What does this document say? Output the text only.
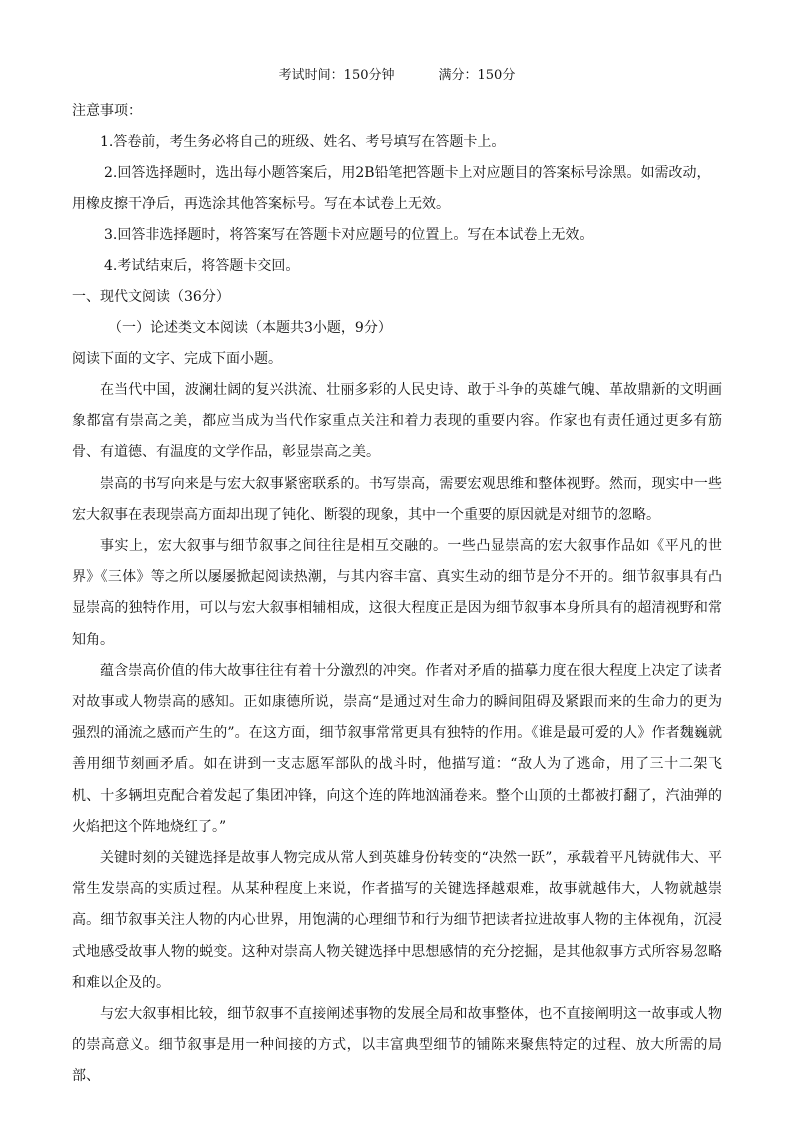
考试时间：150分钟	满分：150分

注意事项：

1.答卷前，考生务必将自己的班级、姓名、考号填写在答题卡上。

2.回答选择题时，选出每小题答案后，用2B铅笔把答题卡上对应题目的答案标号涂黑。如需改动，用橡皮擦干净后，再选涂其他答案标号。写在本试卷上无效。

3.回答非选择题时，将答案写在答题卡对应题号的位置上。写在本试卷上无效。

4.考试结束后，将答题卡交回。

一、现代文阅读（36分）

（一）论述类文本阅读（本题共3小题，9分）

阅读下面的文字、完成下面小题。

在当代中国，波澜壮阔的复兴洪流、壮丽多彩的人民史诗、敢于斗争的英雄气魄、革故鼎新的文明画象都富有崇高之美，都应当成为当代作家重点关注和着力表现的重要内容。作家也有责任通过更多有筋骨、有道德、有温度的文学作品，彰显崇高之美。

崇高的书写向来是与宏大叙事紧密联系的。书写崇高，需要宏观思维和整体视野。然而，现实中一些宏大叙事在表现崇高方面却出现了钝化、断裂的现象，其中一个重要的原因就是对细节的忽略。

事实上，宏大叙事与细节叙事之间往往是相互交融的。一些凸显崇高的宏大叙事作品如《平凡的世界》《三体》等之所以屡屡掀起阅读热潮，与其内容丰富、真实生动的细节是分不开的。细节叙事具有凸显崇高的独特作用，可以与宏大叙事相辅相成，这很大程度正是因为细节叙事本身所具有的超清视野和常知角。

蕴含崇高价值的伟大故事往往有着十分激烈的冲突。作者对矛盾的描摹力度在很大程度上决定了读者对故事或人物崇高的感知。正如康德所说，崇高“是通过对生命力的瞬间阻碍及紧跟而来的生命力的更为强烈的涌流之感而产生的”。在这方面，细节叙事常常更具有独特的作用。《谁是最可爱的人》作者魏巍就善用细节刻画矛盾。如在讲到一支志愿军部队的战斗时，他描写道：“敌人为了逃命，用了三十二架飞机、十多辆坦克配合着发起了集团冲锋，向这个连的阵地汹涌卷来。整个山顶的土都被打翻了，汽油弹的火焰把这个阵地烧红了。”

关键时刻的关键选择是故事人物完成从常人到英雄身份转变的“决然一跃”，承载着平凡铸就伟大、平常生发崇高的实质过程。从某种程度上来说，作者描写的关键选择越艰难，故事就越伟大，人物就越崇高。细节叙事关注人物的内心世界，用饱满的心理细节和行为细节把读者拉进故事人物的主体视角，沉浸式地感受故事人物的蜕变。这种对崇高人物关键选择中思想感情的充分挖掘，是其他叙事方式所容易忽略和难以企及的。

与宏大叙事相比较，细节叙事不直接阐述事物的发展全局和故事整体，也不直接阐明这一故事或人物的崇高意义。细节叙事是用一种间接的方式，以丰富典型细节的铺陈来聚焦特定的过程、放大所需的局部、
